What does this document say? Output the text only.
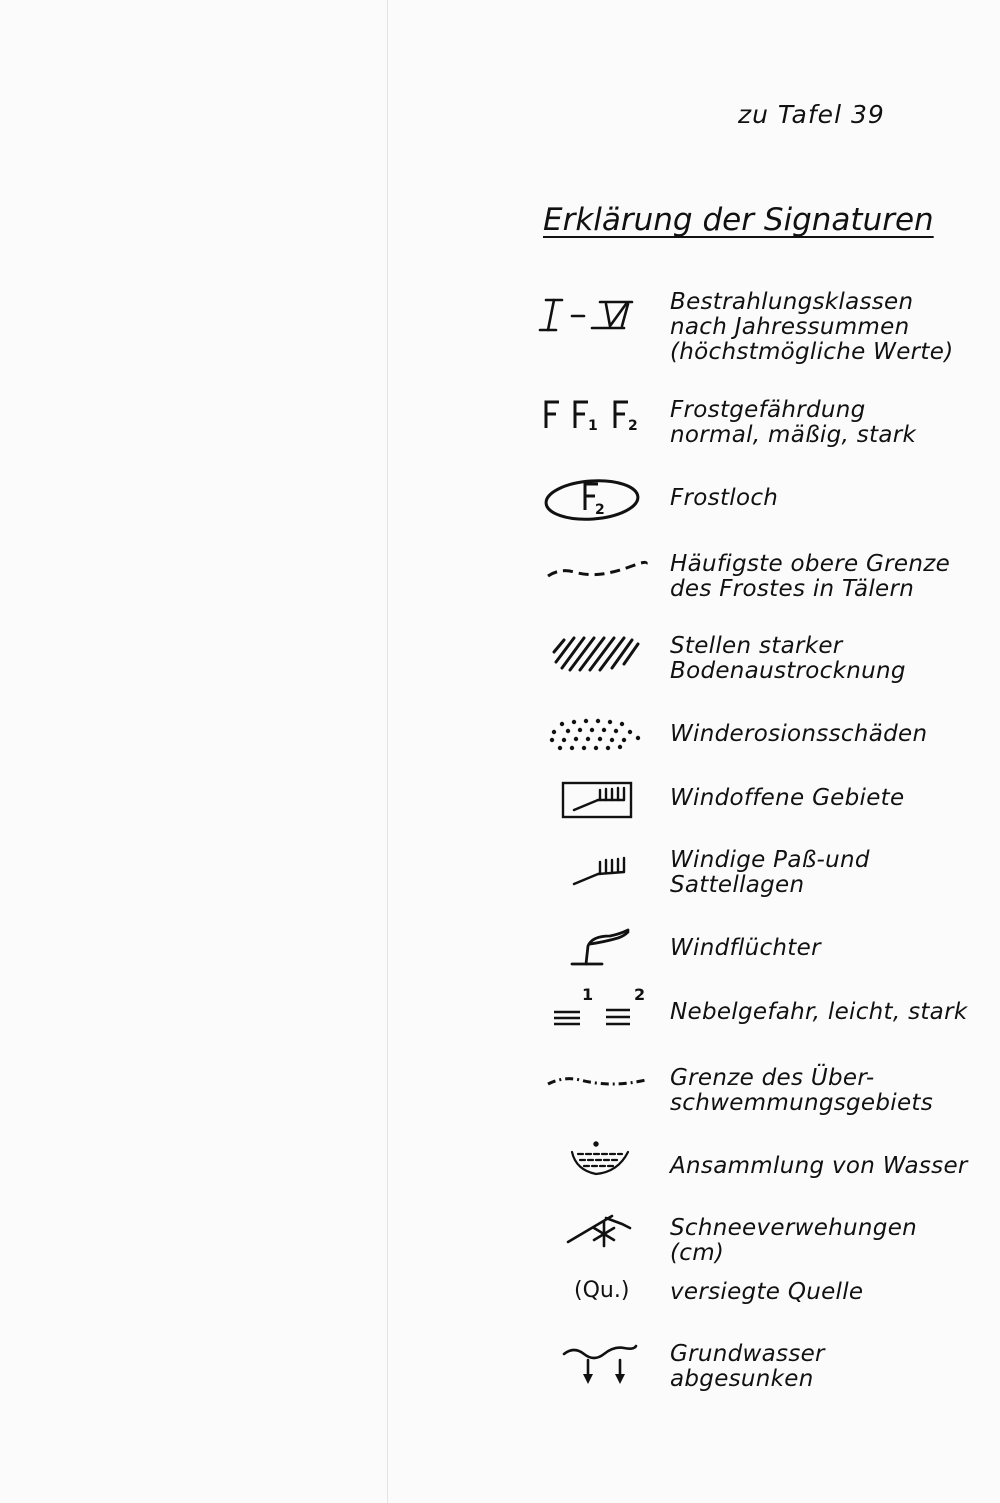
zu Tafel 39
Erklärung der Signaturen
Bestrahlungsklassen
nach Jahressummen
(höchstmögliche Werte)
1 2
Frostgefährdung
normal, mäßig, stark
2	Frostloch
Häufigste obere Grenze
des Frostes in Tälern
Stellen starker
Bodenaustrocknung
Winderosionsschäden
Windoffene Gebiete
Windige Paß-und
Sattellagen
Windflüchter
1	2
Nebelgefahr, leicht, stark
Grenze des Über-
schwemmungsgebiets
Ansammlung von Wasser
Schneeverwehungen (cm)
(Qu.) versiegte Quelle
Grundwasser
abgesunken
